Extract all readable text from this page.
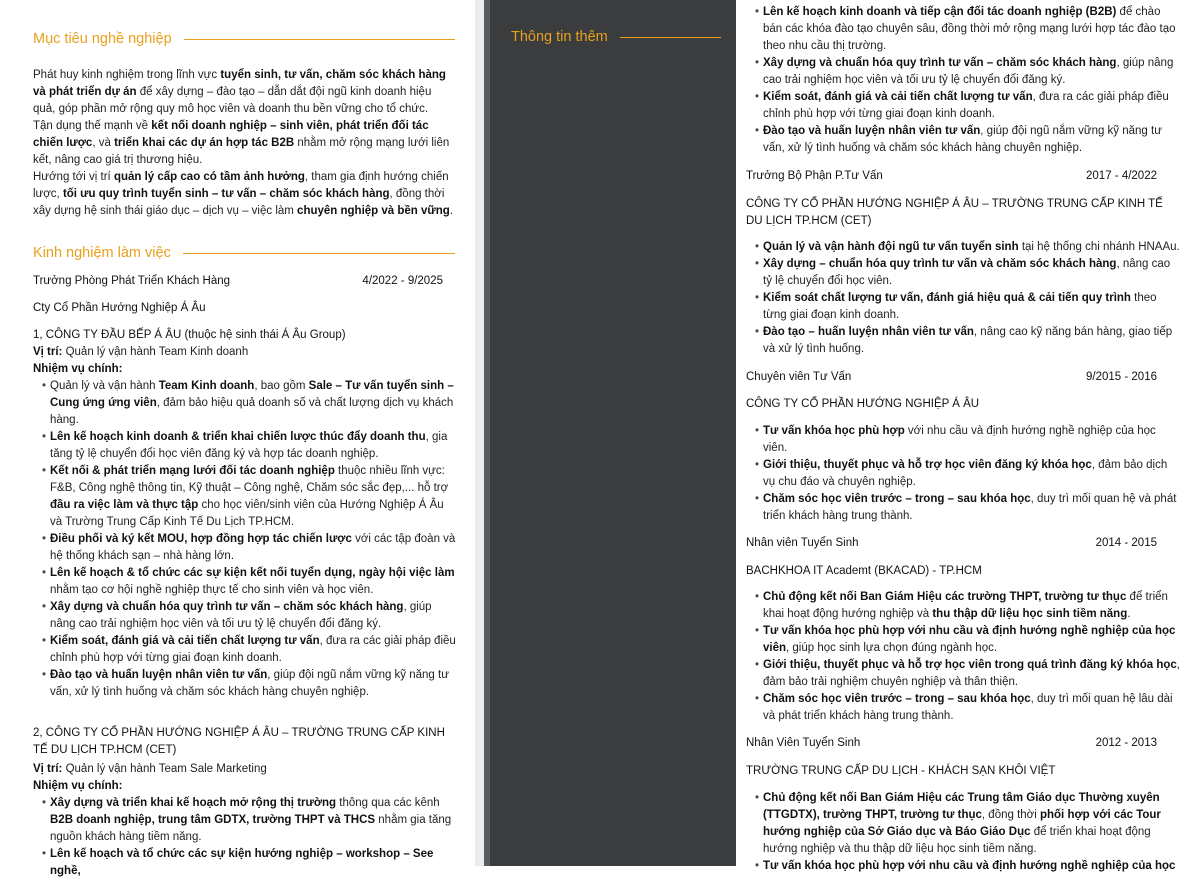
Mục tiêu nghề nghiệp
Phát huy kinh nghiệm trong lĩnh vực tuyển sinh, tư vấn, chăm sóc khách hàng và phát triển dự án để xây dựng – đào tạo – dẫn dắt đội ngũ kinh doanh hiệu quả, góp phần mở rộng quy mô học viên và doanh thu bền vững cho tổ chức.
Tận dụng thế mạnh về kết nối doanh nghiệp – sinh viên, phát triển đối tác chiến lược, và triển khai các dự án hợp tác B2B nhằm mở rộng mạng lưới liên kết, nâng cao giá trị thương hiệu.
Hướng tới vị trí quản lý cấp cao có tầm ảnh hưởng, tham gia định hướng chiến lược, tối ưu quy trình tuyển sinh – tư vấn – chăm sóc khách hàng, đồng thời xây dựng hệ sinh thái giáo dục – dịch vụ – việc làm chuyên nghiệp và bền vững.
Kinh nghiệm làm việc
Trưởng Phòng Phát Triển Khách Hàng	4/2022 - 9/2025
Cty Cổ Phần Hướng Nghiệp Á Âu
1, CÔNG TY ĐẦU BẾP Á ÂU (thuộc hệ sinh thái Á Âu Group)
Vị trí: Quản lý vận hành Team Kinh doanh
Nhiệm vụ chính:
• Quản lý và vận hành Team Kinh doanh, bao gồm Sale – Tư vấn tuyển sinh – Cung ứng ứng viên, đảm bảo hiệu quả doanh số và chất lượng dịch vụ khách hàng.
• Lên kế hoạch kinh doanh & triển khai chiến lược thúc đẩy doanh thu, gia tăng tỷ lệ chuyển đổi học viên đăng ký và hợp tác doanh nghiệp.
• Kết nối & phát triển mạng lưới đối tác doanh nghiệp thuộc nhiều lĩnh vực: F&B, Công nghệ thông tin, Kỹ thuật – Công nghệ, Chăm sóc sắc đẹp,... hỗ trợ đầu ra việc làm và thực tập cho học viên/sinh viên của Hướng Nghiệp Á Âu và Trường Trung Cấp Kinh Tế Du Lịch TP.HCM.
• Điều phối và ký kết MOU, hợp đồng hợp tác chiến lược với các tập đoàn và hệ thống khách sạn – nhà hàng lớn.
• Lên kế hoạch & tổ chức các sự kiện kết nối tuyển dụng, ngày hội việc làm nhằm tạo cơ hội nghề nghiệp thực tế cho sinh viên và học viên.
• Xây dựng và chuẩn hóa quy trình tư vấn – chăm sóc khách hàng, giúp nâng cao trải nghiệm học viên và tối ưu tỷ lệ chuyển đổi đăng ký.
• Kiểm soát, đánh giá và cải tiến chất lượng tư vấn, đưa ra các giải pháp điều chỉnh phù hợp với từng giai đoạn kinh doanh.
• Đào tạo và huấn luyện nhân viên tư vấn, giúp đội ngũ nắm vững kỹ năng tư vấn, xử lý tình huống và chăm sóc khách hàng chuyên nghiệp.
2, CÔNG TY CỔ PHẦN HƯỚNG NGHIỆP Á ÂU – TRƯỜNG TRUNG CẤP KINH TẾ DU LỊCH TP.HCM (CET)
Vị trí: Quản lý vận hành Team Sale Marketing
Nhiệm vụ chính:
• Xây dựng và triển khai kế hoạch mở rộng thị trường thông qua các kênh B2B doanh nghiệp, trung tâm GDTX, trường THPT và THCS nhằm gia tăng nguồn khách hàng tiềm năng.
• Lên kế hoạch và tổ chức các sự kiện hướng nghiệp – workshop – See nghề,
Thông tin thêm
• Lên kế hoạch kinh doanh và tiếp cận đối tác doanh nghiệp (B2B) để chào bán các khóa đào tạo chuyên sâu, đồng thời mở rộng mạng lưới hợp tác đào tạo theo nhu cầu thị trường.
• Xây dựng và chuẩn hóa quy trình tư vấn – chăm sóc khách hàng, giúp nâng cao trải nghiệm học viên và tối ưu tỷ lệ chuyển đổi đăng ký.
• Kiểm soát, đánh giá và cải tiến chất lượng tư vấn, đưa ra các giải pháp điều chỉnh phù hợp với từng giai đoạn kinh doanh.
• Đào tạo và huấn luyện nhân viên tư vấn, giúp đội ngũ nắm vững kỹ năng tư vấn, xử lý tình huống và chăm sóc khách hàng chuyên nghiệp.
Trưởng Bộ Phận P.Tư Vấn	2017 - 4/2022
CÔNG TY CỔ PHẦN HƯỚNG NGHIỆP Á ÂU – TRƯỜNG TRUNG CẤP KINH TẾ DU LỊCH TP.HCM (CET)
• Quản lý và vận hành đội ngũ tư vấn tuyển sinh tại hệ thống chi nhánh HNAAu.
• Xây dựng – chuẩn hóa quy trình tư vấn và chăm sóc khách hàng, nâng cao tỷ lệ chuyển đổi học viên.
• Kiểm soát chất lượng tư vấn, đánh giá hiệu quả & cải tiến quy trình theo từng giai đoạn kinh doanh.
• Đào tạo – huấn luyện nhân viên tư vấn, nâng cao kỹ năng bán hàng, giao tiếp và xử lý tình huống.
Chuyên viên Tư Vấn	9/2015 - 2016
CÔNG TY CỔ PHẦN HƯỚNG NGHIỆP Á ÂU
• Tư vấn khóa học phù hợp với nhu cầu và định hướng nghề nghiệp của học viên.
• Giới thiệu, thuyết phục và hỗ trợ học viên đăng ký khóa học, đảm bảo dịch vụ chu đáo và chuyên nghiệp.
• Chăm sóc học viên trước – trong – sau khóa học, duy trì mối quan hệ và phát triển khách hàng trung thành.
Nhân viên Tuyển Sinh	2014 - 2015
BACHKHOA IT Academt (BKACAD) - TP.HCM
• Chủ động kết nối Ban Giám Hiệu các trường THPT, trường tư thục để triển khai hoạt động hướng nghiệp và thu thập dữ liệu học sinh tiềm năng.
• Tư vấn khóa học phù hợp với nhu cầu và định hướng nghề nghiệp của học viên, giúp học sinh lựa chọn đúng ngành học.
• Giới thiệu, thuyết phục và hỗ trợ học viên trong quá trình đăng ký khóa học, đảm bảo trải nghiệm chuyên nghiệp và thân thiện.
• Chăm sóc học viên trước – trong – sau khóa học, duy trì mối quan hệ lâu dài và phát triển khách hàng trung thành.
Nhân Viên Tuyển Sinh	2012 - 2013
TRƯỜNG TRUNG CẤP DU LỊCH - KHÁCH SẠN KHÔI VIỆT
• Chủ động kết nối Ban Giám Hiệu các Trung tâm Giáo dục Thường xuyên (TTGDTX), trường THPT, trường tư thục, đồng thời phối hợp với các Tour hướng nghiệp của Sở Giáo dục và Báo Giáo Dục để triển khai hoạt động hướng nghiệp và thu thập dữ liệu học sinh tiềm năng.
• Tư vấn khóa học phù hợp với nhu cầu và định hướng nghề nghiệp của học
